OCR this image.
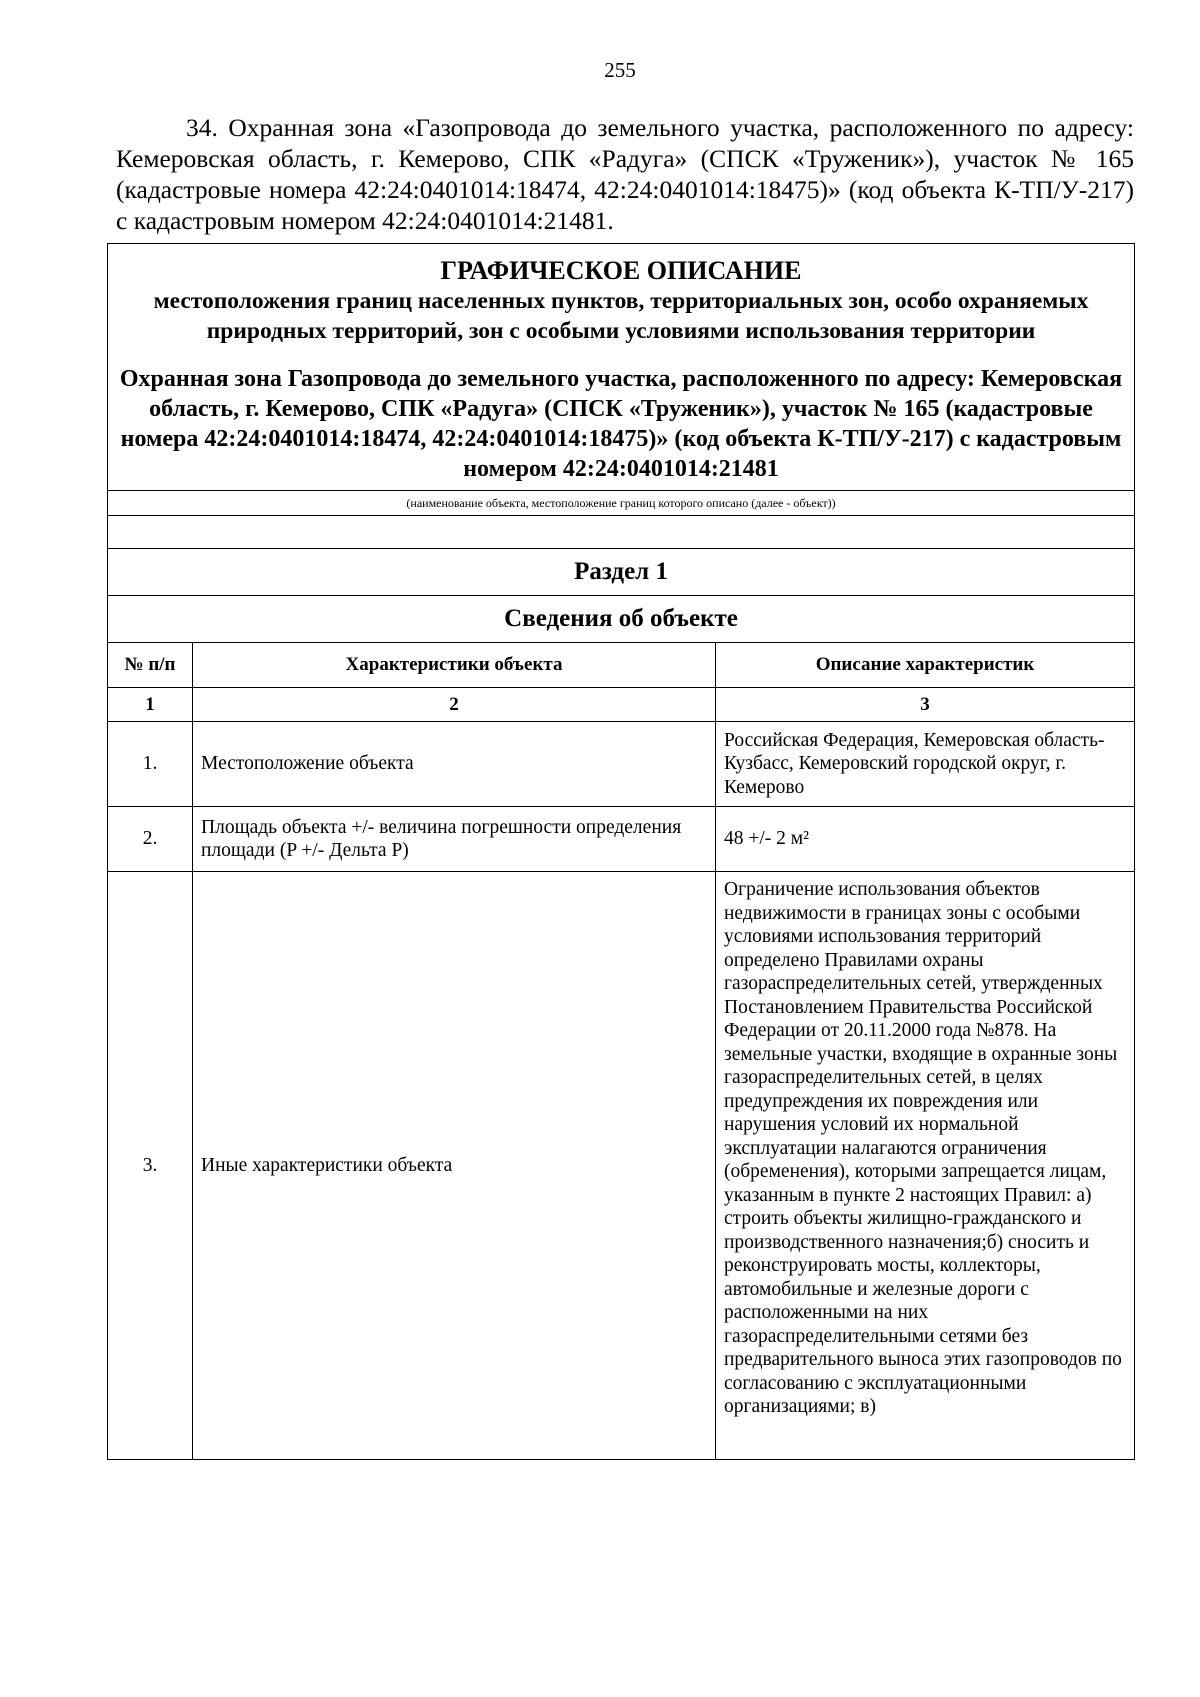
255
34. Охранная зона «Газопровода до земельного участка, расположенного по адресу: Кемеровская область, г. Кемерово, СПК «Радуга» (СПСК «Труженик»), участок № 165 (кадастровые номера 42:24:0401014:18474, 42:24:0401014:18475)» (код объекта К-ТП/У-217) с кадастровым номером 42:24:0401014:21481.
ГРАФИЧЕСКОЕ ОПИСАНИЕ
местоположения границ населенных пунктов, территориальных зон, особо охраняемых природных территорий, зон с особыми условиями использования территории
Охранная зона Газопровода до земельного участка, расположенного по адресу: Кемеровская область, г. Кемерово, СПК «Радуга» (СПСК «Труженик»), участок № 165 (кадастровые номера 42:24:0401014:18474, 42:24:0401014:18475)» (код объекта К-ТП/У-217) с кадастровым номером 42:24:0401014:21481		

(наименование объекта, местоположение границ которого описано (далее - объект))		

Раздел 1		
Сведения об объекте		
№ п/п	Характеристики объекта	Описание характеристик
1	2	3
1.	Местоположение объекта	Российская Федерация, Кемеровская область-Кузбасс, Кемеровский городской округ, г. Кемерово
2.	Площадь объекта +/- величина погрешности определения площади (P +/- Дельта P)	48 +/- 2 м²
3.	Иные характеристики объекта	Ограничение использования объектов недвижимости в границах зоны с особыми условиями использования территорий определено Правилами охраны газораспределительных сетей, утвержденных Постановлением Правительства Российской Федерации от 20.11.2000 года №878. На земельные участки, входящие в охранные зоны газораспределительных сетей, в целях предупреждения их повреждения или нарушения условий их нормальной эксплуатации налагаются ограничения (обременения), которыми запрещается лицам, указанным в пункте 2 настоящих Правил: а) строить объекты жилищно-гражданского и производственного назначения;б) сносить и реконструировать мосты, коллекторы, автомобильные и железные дороги с расположенными на них газораспределительными сетями без предварительного выноса этих газопроводов по согласованию с эксплуатационными организациями; в)
